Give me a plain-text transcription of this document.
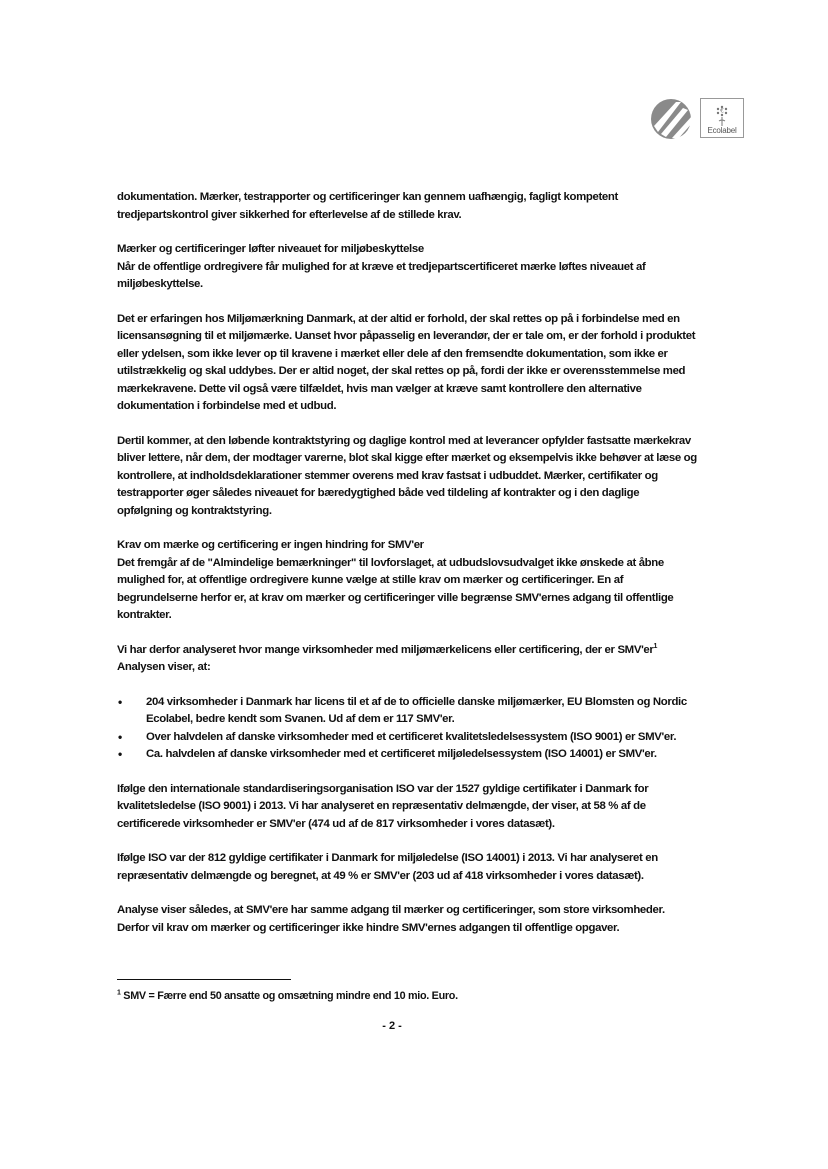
€
Ecolabel

dokumentation. Mærker, testrapporter og certificeringer kan gennem uafhængig, fagligt kompetent tredjepartskontrol giver sikkerhed for efterlevelse af de stillede krav.

Mærker og certificeringer løfter niveauet for miljøbeskyttelse

Når de offentlige ordregivere får mulighed for at kræve et tredjepartscertificeret mærke løftes niveauet af miljøbeskyttelse.

Det er erfaringen hos Miljømærkning Danmark, at der altid er forhold, der skal rettes op på i forbindelse med en licensansøgning til et miljømærke. Uanset hvor påpasselig en leverandør, der er tale om, er der forhold i produktet eller ydelsen, som ikke lever op til kravene i mærket eller dele af den fremsendte dokumentation, som ikke er utilstrækkelig og skal uddybes. Der er altid noget, der skal rettes op på, fordi der ikke er overensstemmelse med mærkekravene. Dette vil også være tilfældet, hvis man vælger at kræve samt kontrollere den alternative dokumentation i forbindelse med et udbud.

Dertil kommer, at den løbende kontraktstyring og daglige kontrol med at leverancer opfylder fastsatte mærkekrav bliver lettere, når dem, der modtager varerne, blot skal kigge efter mærket og eksempelvis ikke behøver at læse og kontrollere, at indholdsdeklarationer stemmer overens med krav fastsat i udbuddet. Mærker, certifikater og testrapporter øger således niveauet for bæredygtighed både ved tildeling af kontrakter og i den daglige opfølgning og kontraktstyring.

Krav om mærke og certificering er ingen hindring for SMV'er

Det fremgår af de "Almindelige bemærkninger" til lovforslaget, at udbudslovsudvalget ikke ønskede at åbne mulighed for, at offentlige ordregivere kunne vælge at stille krav om mærker og certificeringer. En af begrundelserne herfor er, at krav om mærker og certificeringer ville begrænse SMV'ernes adgang til offentlige kontrakter.

Vi har derfor analyseret hvor mange virksomheder med miljømærkelicens eller certificering, der er $SMV'er^1$

Analysen viser, at:

• 204 virksomheder i Danmark har licens til et af de to officielle danske miljømærker, EU Blomsten og Nordic Ecolabel, bedre kendt som Svanen. Ud af dem er 117 SMV'er.
• Over halvdelen af danske virksomheder med et certificeret kvalitetsledelsessystem (ISO 9001) er SMV'er.
• Ca. halvdelen af danske virksomheder med et certificeret miljøledelsessystem (ISO 14001) er SMV'er.

Ifølge den internationale standardiseringsorganisation ISO var der 1527 gyldige certifikater i Danmark for kvalitetsledelse (ISO 9001) i 2013. Vi har analyseret en repræsentativ delmængde, der viser, at 58 % af de certificerede virksomheder er SMV'er (474 ud af de 817 virksomheder i vores datasæt).

Ifølge ISO var der 812 gyldige certifikater i Danmark for miljøledelse (ISO 14001) i 2013. Vi har analyseret en repræsentativ delmængde og beregnet, at 49 % er SMV'er (203 ud af 418 virksomheder i vores datasæt).

Analyse viser således, at SMV'ere har samme adgang til mærker og certificeringer, som store virksomheder. Derfor vil krav om mærker og certificeringer ikke hindre SMV'ernes adgangen til offentlige opgaver.

$^1$ SMV = Færre end 50 ansatte og omsætning mindre end 10 mio. Euro.
- 2 -
